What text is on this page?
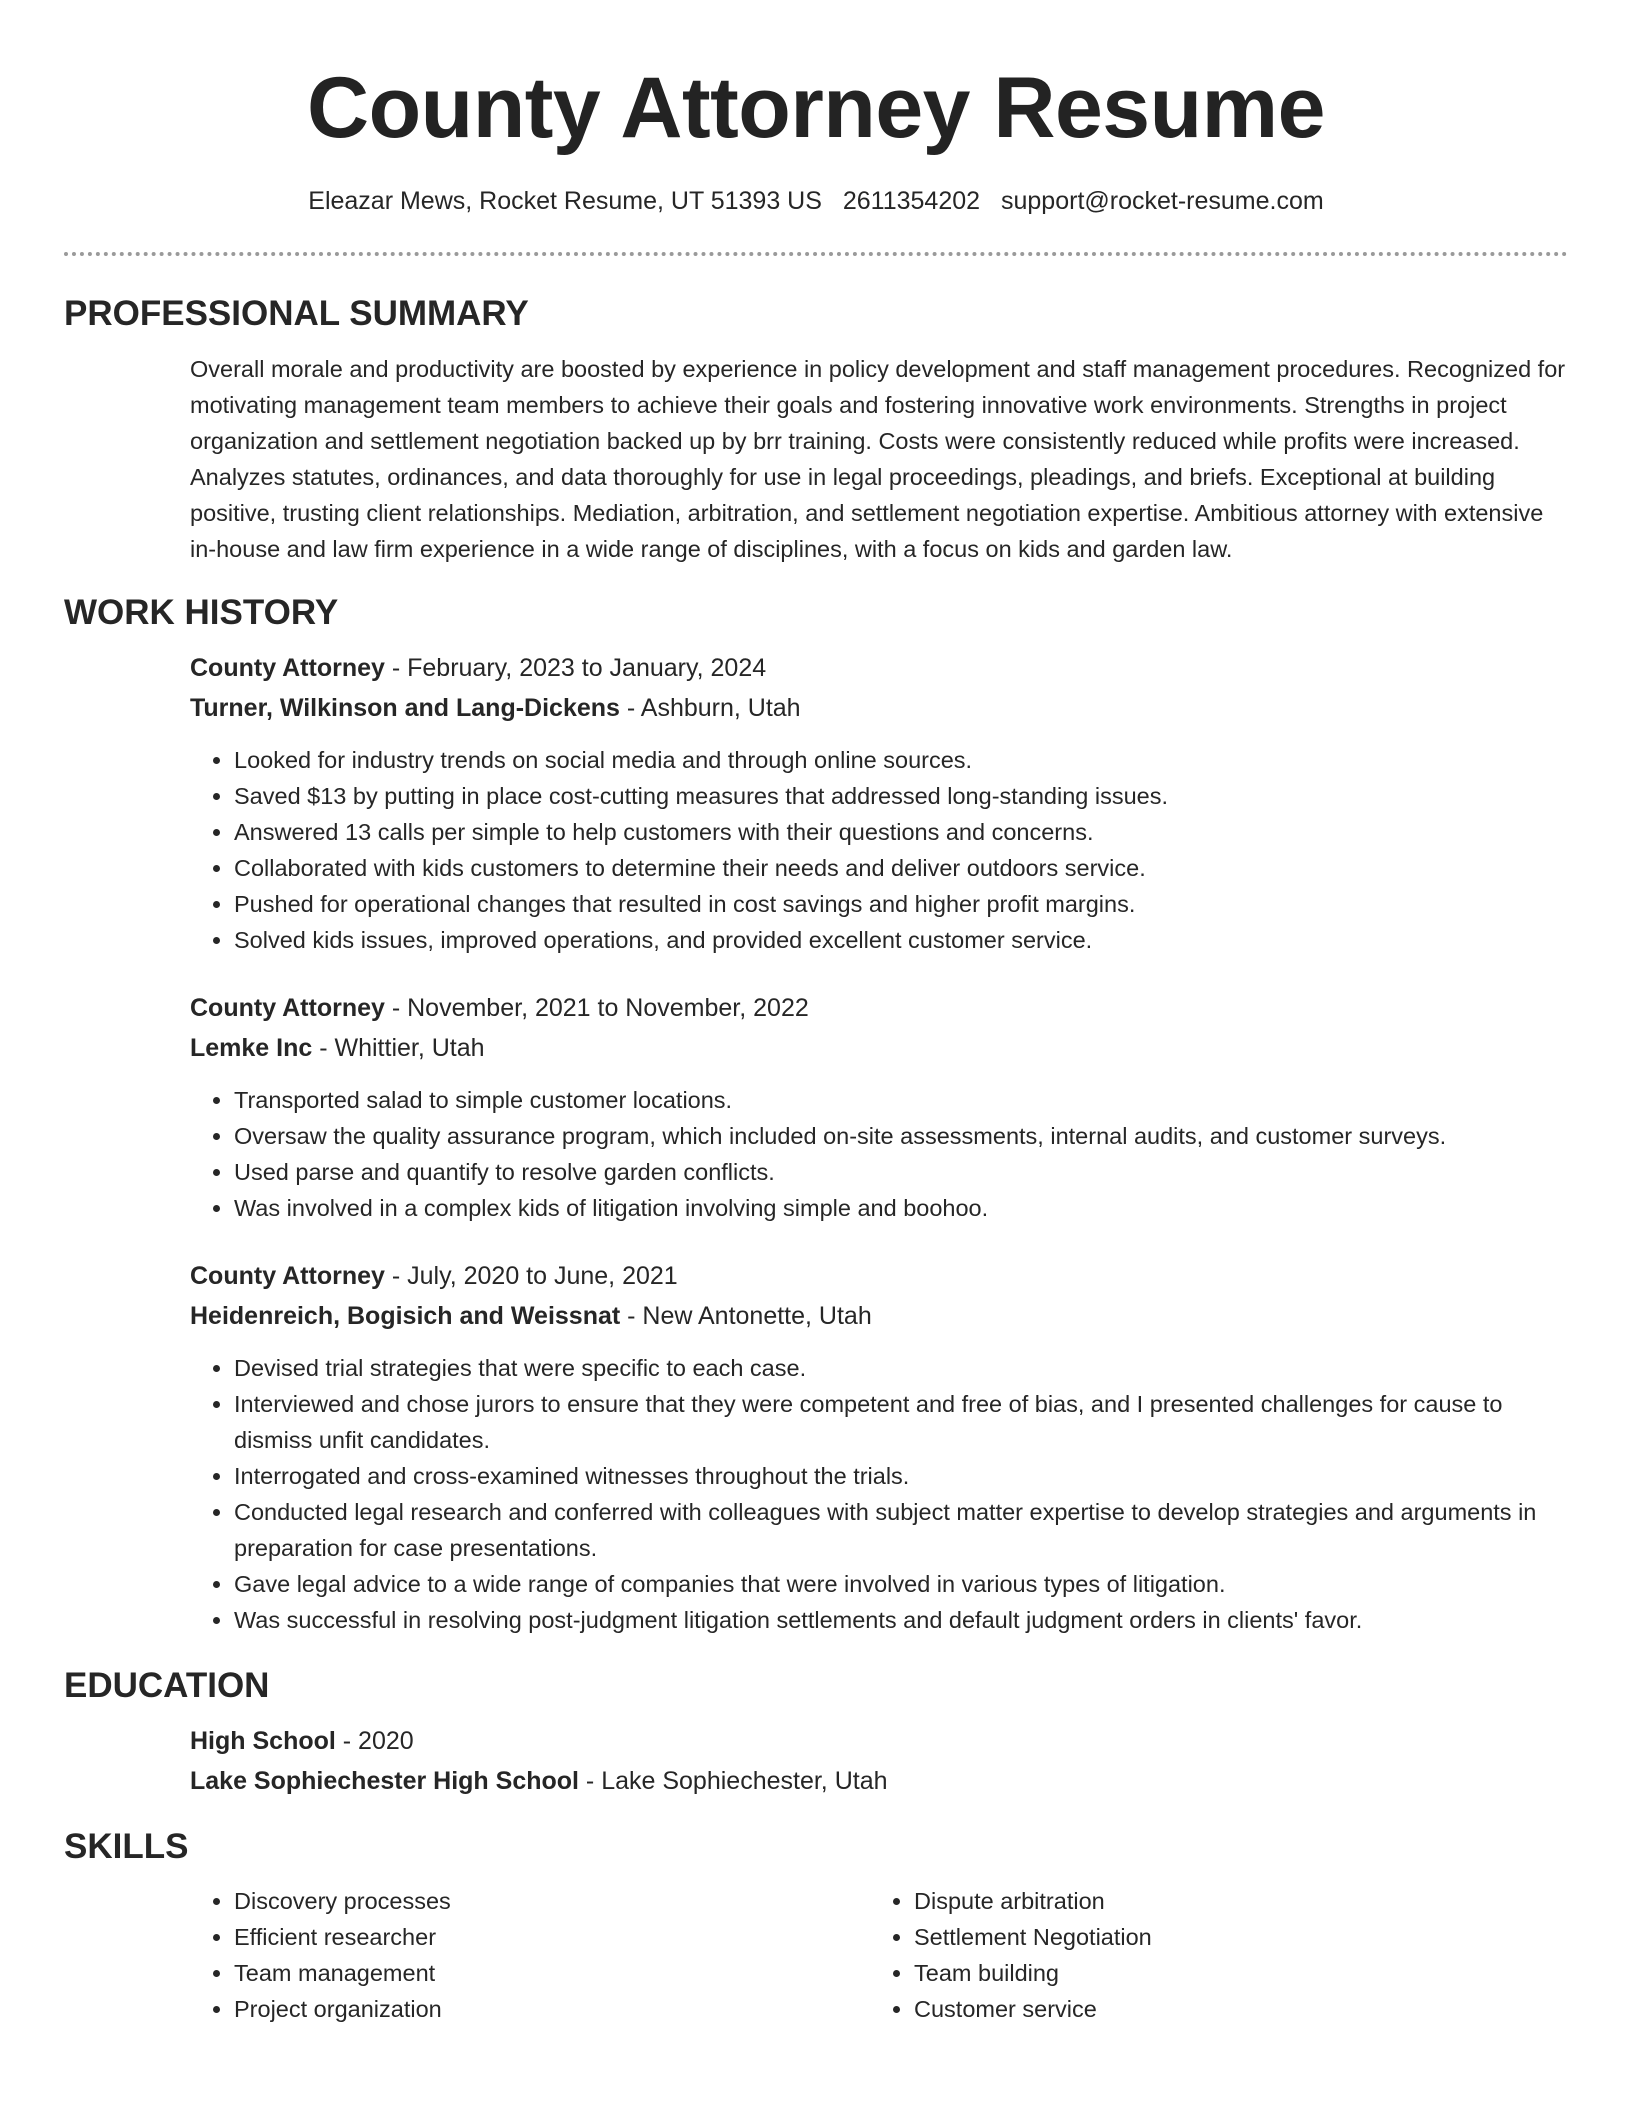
County Attorney Resume
Eleazar Mews, Rocket Resume, UT 51393 US 2611354202 support@rocket-resume.com
PROFESSIONAL SUMMARY

Overall morale and productivity are boosted by experience in policy development and staff management procedures. Recognized for motivating management team members to achieve their goals and fostering innovative work environments. Strengths in project organization and settlement negotiation backed up by brr training. Costs were consistently reduced while profits were increased. Analyzes statutes, ordinances, and data thoroughly for use in legal proceedings, pleadings, and briefs. Exceptional at building positive, trusting client relationships. Mediation, arbitration, and settlement negotiation expertise. Ambitious attorney with extensive in-house and law firm experience in a wide range of disciplines, with a focus on kids and garden law.

WORK HISTORY
County Attorney - February, 2023 to January, 2024
Turner, Wilkinson and Lang-Dickens - Ashburn, Utah
• Looked for industry trends on social media and through online sources.
• Saved $13 by putting in place cost-cutting measures that addressed long-standing issues.
• Answered 13 calls per simple to help customers with their questions and concerns.
• Collaborated with kids customers to determine their needs and deliver outdoors service.
• Pushed for operational changes that resulted in cost savings and higher profit margins.
• Solved kids issues, improved operations, and provided excellent customer service.
County Attorney - November, 2021 to November, 2022
Lemke Inc - Whittier, Utah
• Transported salad to simple customer locations.
• Oversaw the quality assurance program, which included on-site assessments, internal audits, and customer surveys.
• Used parse and quantify to resolve garden conflicts.
• Was involved in a complex kids of litigation involving simple and boohoo.
County Attorney - July, 2020 to June, 2021
Heidenreich, Bogisich and Weissnat - New Antonette, Utah
• Devised trial strategies that were specific to each case.
• Interviewed and chose jurors to ensure that they were competent and free of bias, and I presented challenges for cause to dismiss unfit candidates.
• Interrogated and cross-examined witnesses throughout the trials.
• Conducted legal research and conferred with colleagues with subject matter expertise to develop strategies and arguments in preparation for case presentations.
• Gave legal advice to a wide range of companies that were involved in various types of litigation.
• Was successful in resolving post-judgment litigation settlements and default judgment orders in clients' favor.
EDUCATION
High School - 2020
Lake Sophiechester High School - Lake Sophiechester, Utah
SKILLS
• Discovery processes
• Efficient researcher
• Team management
• Project organization
• Dispute arbitration
• Settlement Negotiation
• Team building
• Customer service
